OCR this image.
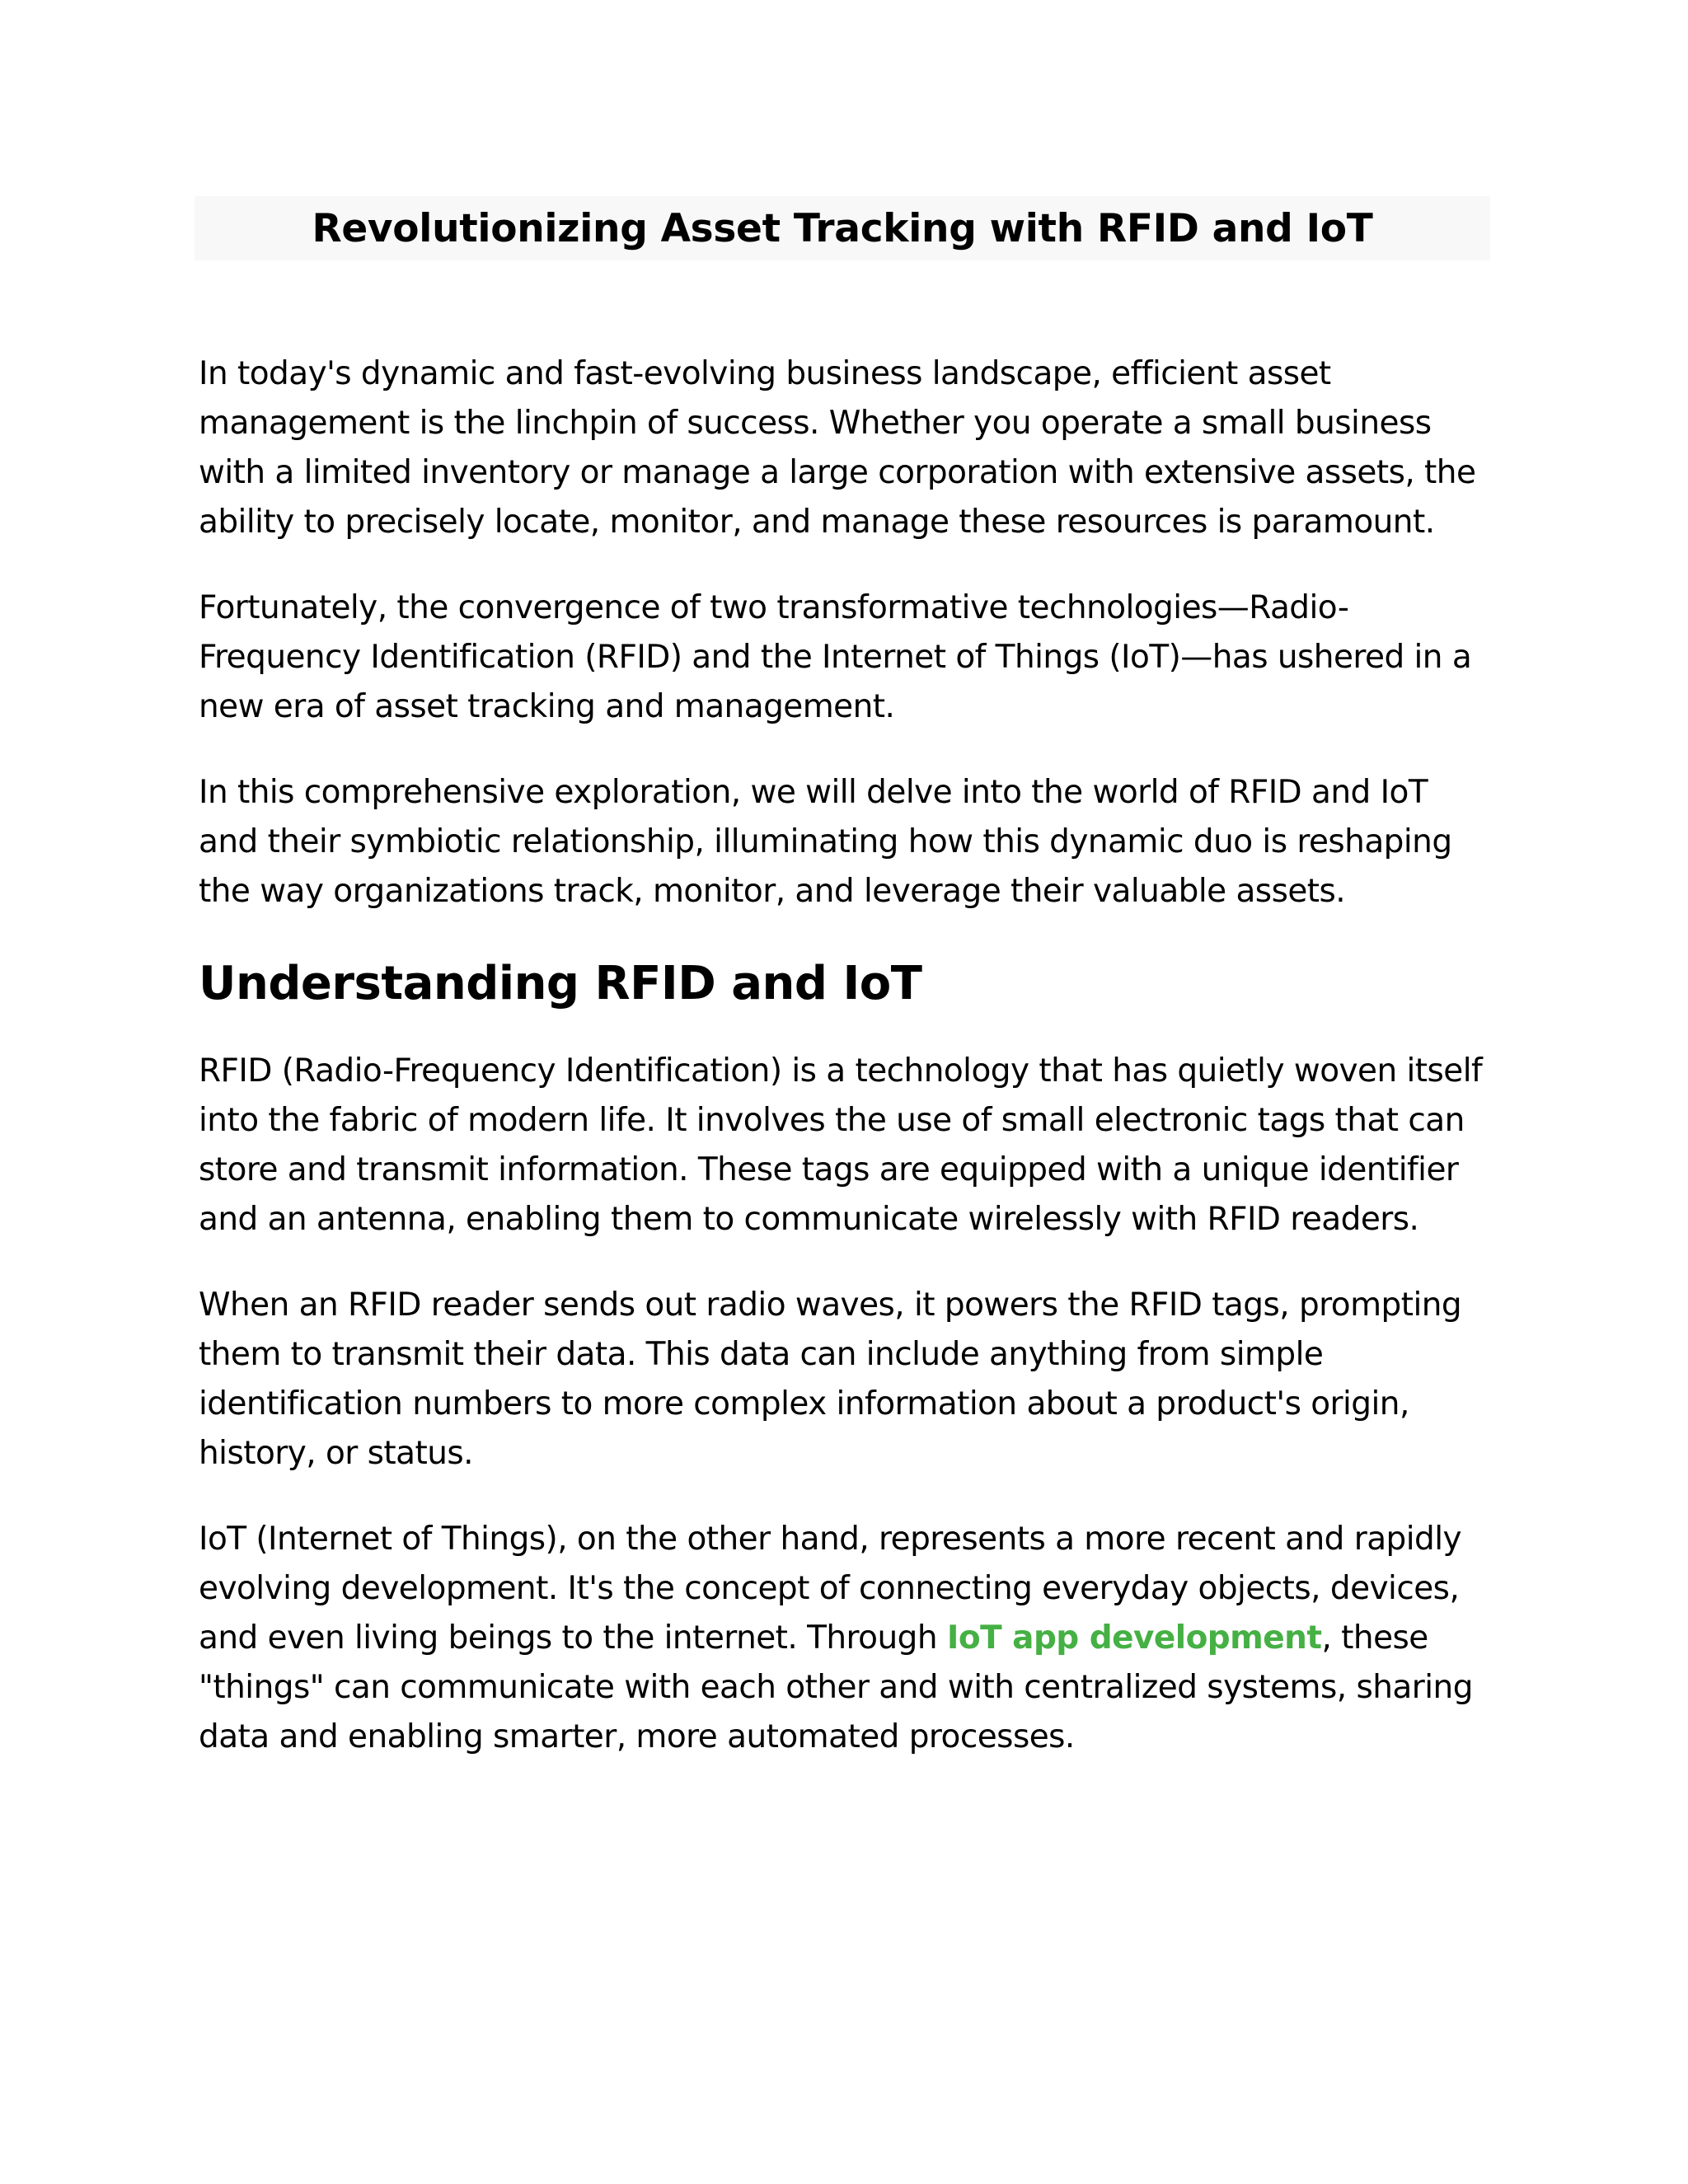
Revolutionizing Asset Tracking with RFID and IoT

In today's dynamic and fast-evolving business landscape, efficient asset management is the linchpin of success. Whether you operate a small business with a limited inventory or manage a large corporation with extensive assets, the ability to precisely locate, monitor, and manage these resources is paramount.

Fortunately, the convergence of two transformative technologies—Radio-Frequency Identification (RFID) and the Internet of Things (IoT)—has ushered in a new era of asset tracking and management.

In this comprehensive exploration, we will delve into the world of RFID and IoT and their symbiotic relationship, illuminating how this dynamic duo is reshaping the way organizations track, monitor, and leverage their valuable assets.

Understanding RFID and IoT

RFID (Radio-Frequency Identification) is a technology that has quietly woven itself into the fabric of modern life. It involves the use of small electronic tags that can store and transmit information. These tags are equipped with a unique identifier and an antenna, enabling them to communicate wirelessly with RFID readers.

When an RFID reader sends out radio waves, it powers the RFID tags, prompting them to transmit their data. This data can include anything from simple identification numbers to more complex information about a product's origin, history, or status.

IoT (Internet of Things), on the other hand, represents a more recent and rapidly evolving development. It's the concept of connecting everyday objects, devices, and even living beings to the internet. Through IoT app development, these "things" can communicate with each other and with centralized systems, sharing data and enabling smarter, more automated processes.
